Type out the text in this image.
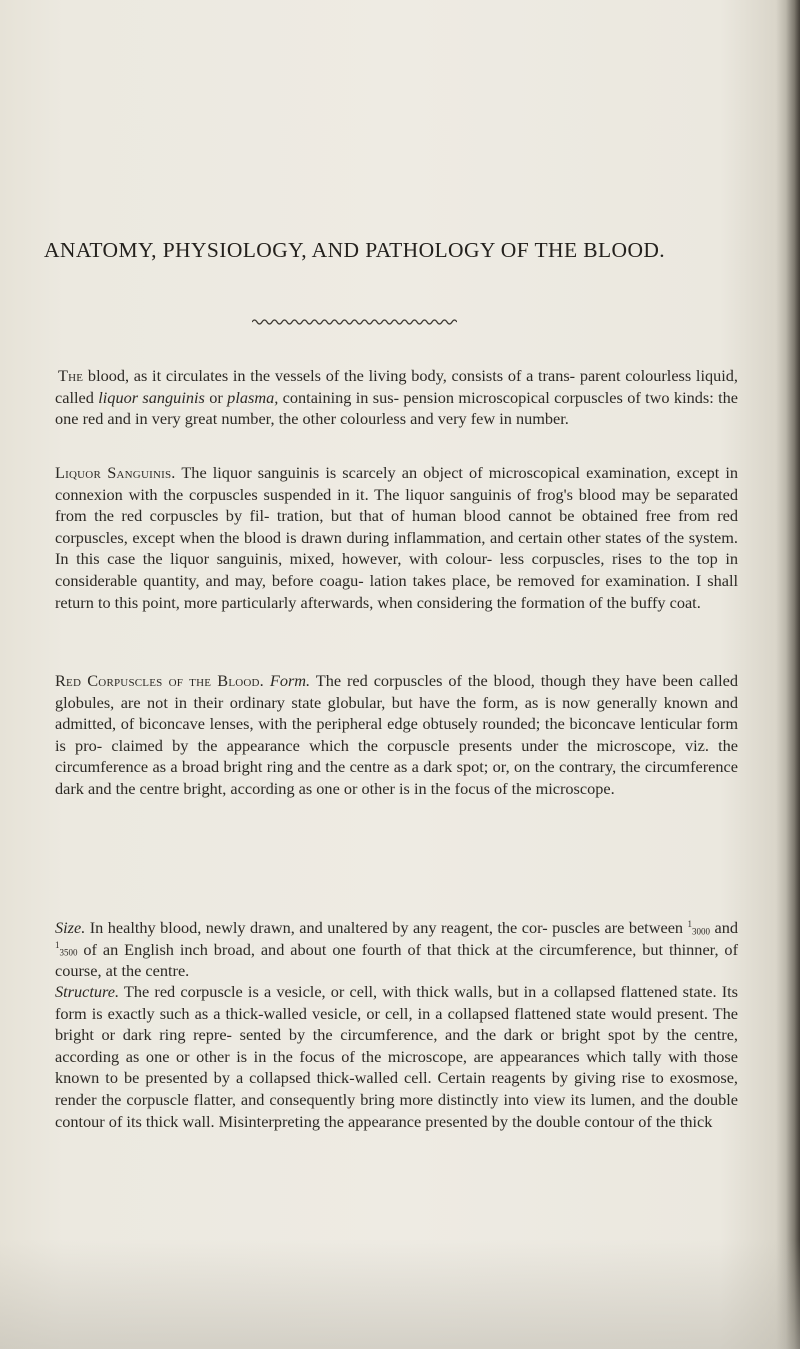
ANATOMY, PHYSIOLOGY, AND PATHOLOGY OF THE BLOOD.
The blood, as it circulates in the vessels of the living body, consists of a trans- parent colourless liquid, called liquor sanguinis or plasma, containing in sus- pension microscopical corpuscles of two kinds: the one red and in very great number, the other colourless and very few in number.
Liquor Sanguinis. The liquor sanguinis is scarcely an object of microscopical examination, except in connexion with the corpuscles suspended in it. The liquor sanguinis of frog's blood may be separated from the red corpuscles by fil- tration, but that of human blood cannot be obtained free from red corpuscles, except when the blood is drawn during inflammation, and certain other states of the system. In this case the liquor sanguinis, mixed, however, with colour- less corpuscles, rises to the top in considerable quantity, and may, before coagu- lation takes place, be removed for examination. I shall return to this point, more particularly afterwards, when considering the formation of the buffy coat.
Red Corpuscles of the Blood. Form. The red corpuscles of the blood, though they have been called globules, are not in their ordinary state globular, but have the form, as is now generally known and admitted, of biconcave lenses, with the peripheral edge obtusely rounded; the biconcave lenticular form is pro- claimed by the appearance which the corpuscle presents under the microscope, viz. the circumference as a broad bright ring and the centre as a dark spot; or, on the contrary, the circumference dark and the centre bright, according as one or other is in the focus of the microscope.
Size. In healthy blood, newly drawn, and unaltered by any reagent, the cor- puscles are between $^1_{3000}$ and $^1_{3500}$ of an English inch broad, and about one fourth of that thick at the circumference, but thinner, of course, at the centre.
Structure. The red corpuscle is a vesicle, or cell, with thick walls, but in a collapsed flattened state. Its form is exactly such as a thick-walled vesicle, or cell, in a collapsed flattened state would present. The bright or dark ring repre- sented by the circumference, and the dark or bright spot by the centre, according as one or other is in the focus of the microscope, are appearances which tally with those known to be presented by a collapsed thick-walled cell. Certain reagents by giving rise to exosmose, render the corpuscle flatter, and consequently bring more distinctly into view its lumen, and the double contour of its thick wall. Misinterpreting the appearance presented by the double contour of the thick
